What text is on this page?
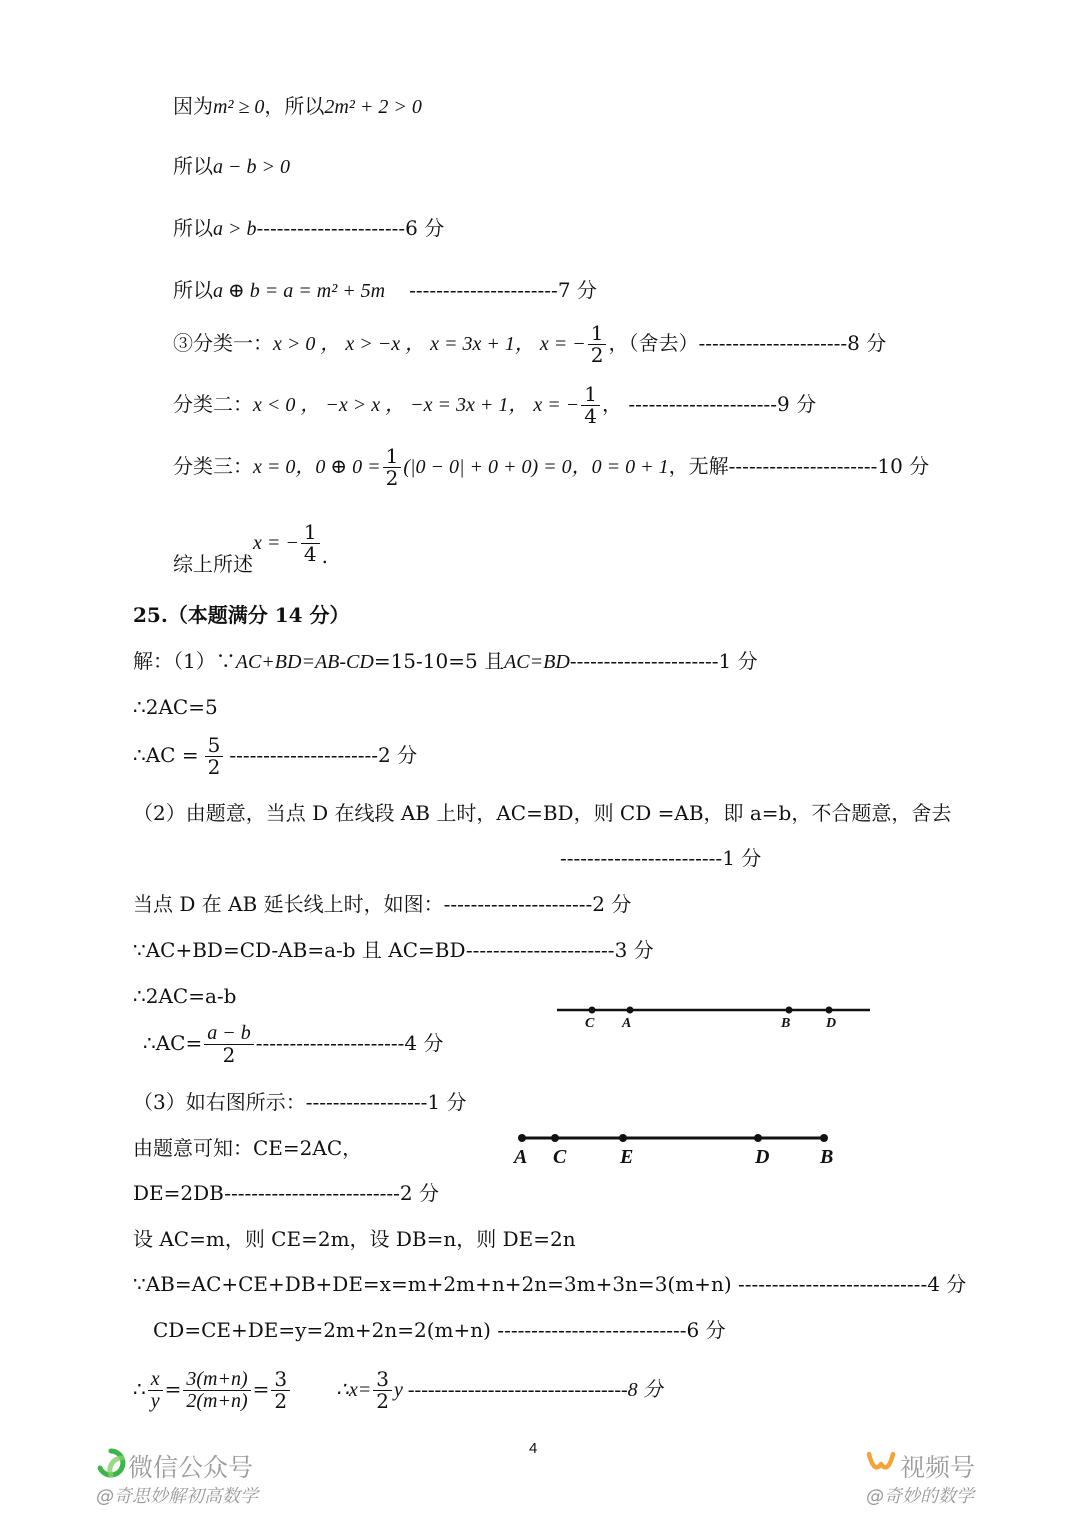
因为m² ≥ 0，所以2m² + 2 > 0
所以a − b > 0
所以a > b----------------------6 分
所以a ⊕ b = a = m² + 5m ----------------------7 分
③分类一：x > 0 ， x > −x ， x = 3x + 1， x = − $\frac{1}{2}$ ，（舍去）----------------------8 分
分类二：x < 0 ， −x > x ， −x = 3x + 1， x = − $\frac{1}{4}$ ， ----------------------9 分
分类三：x = 0，0 ⊕ $0 = \frac{1}{2} (|0 - 0| + 0 + 0) = 0$，0 = 0 + 1，无解----------------------10 分
综上所述x = − $\frac{1}{4}$ .
25.（本题满分 14 分）
解：（1）∵AC+BD=AB-CD=15-10=5 且AC=BD----------------------1 分
∴2AC=5
∴AC = $\frac{5}{2} ----------------------2$ 分
（2）由题意，当点 D 在线段 AB 上时，AC=BD，则 CD =AB，即 a=b，不合题意，舍去
------------------------1 分
当点 D 在 AB 延长线上时，如图：----------------------2 分
∵AC+BD=CD-AB=a-b 且 AC=BD----------------------3 分
∴2AC=a-b
∴AC= $\frac{a - b}{2} ----------------------4$ 分
（3）如右图所示：------------------1 分
由题意可知：CE=2AC，
DE=2DB--------------------------2 分
设 AC=m，则 CE=2m，设 DB=n，则 DE=2n
∵AB=AC+CE+DB+DE=x=m+2m+n+2n=3m+3n=3(m+n) ----------------------------4 分
CD=CE+DE=y=2m+2n=2(m+n) ----------------------------6 分
∴ $\frac{x}{y} = \frac{3(m+n)}{2(m+n)} = \frac{3}{2}$ ∴x= $\frac{3}{2}$ y ---------------------------------8 分
C A	B	D
A C	E	D	B
4
微信公众号
@奇思妙解初高数学
视频号
@奇妙的数学
